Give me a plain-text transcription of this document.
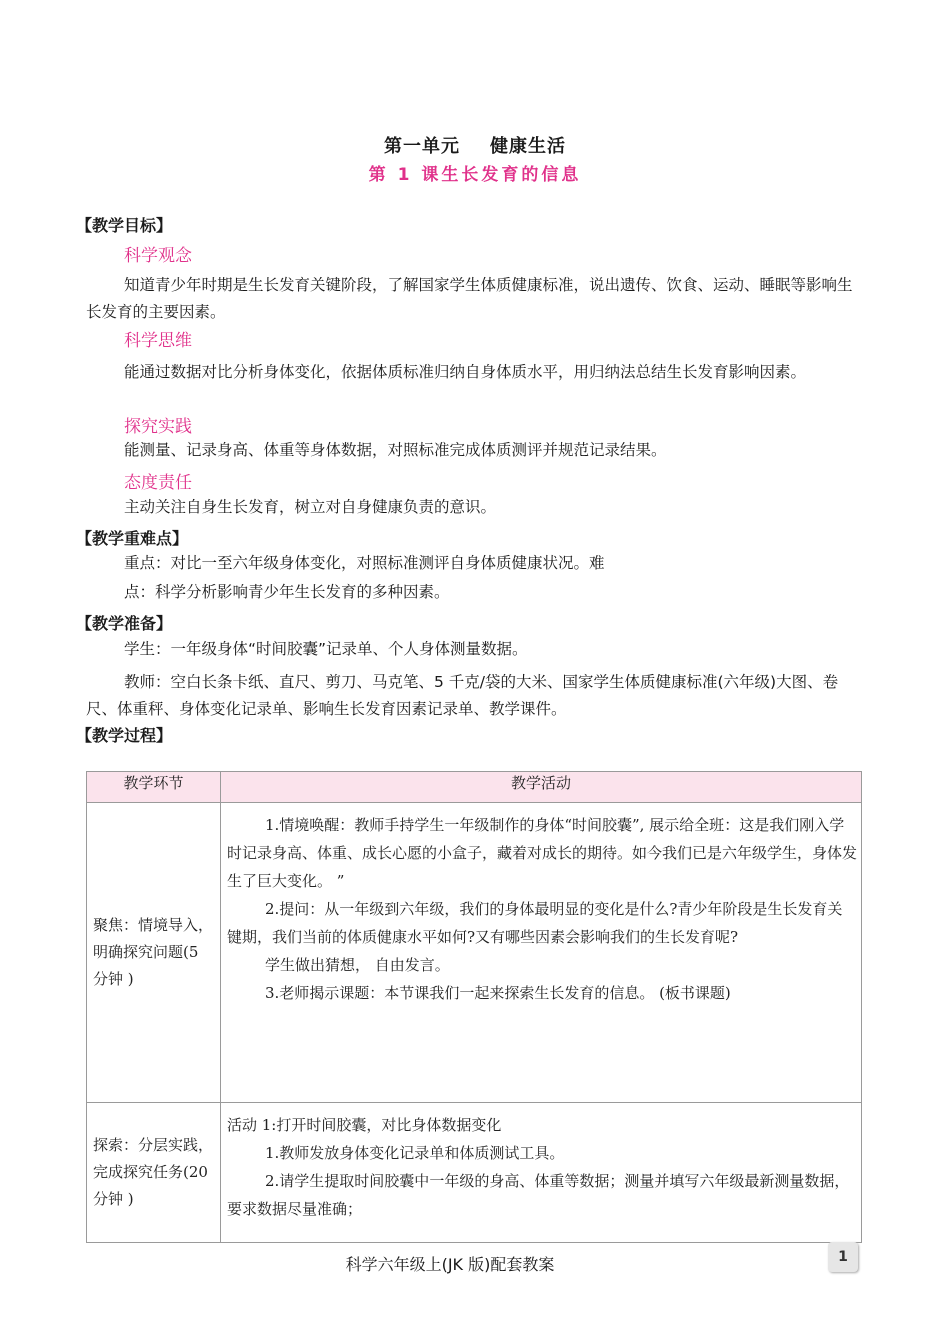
第一单元 健康生活
第 1 课生长发育的信息
【教学目标】
科学观念
知道青少年时期是生长发育关键阶段，了解国家学生体质健康标准，说出遗传、饮食、运动、睡眠等影响生长发育的主要因素。
科学思维
能通过数据对比分析身体变化，依据体质标准归纳自身体质水平，用归纳法总结生长发育影响因素。
探究实践
能测量、记录身高、体重等身体数据，对照标准完成体质测评并规范记录结果。
态度责任
主动关注自身生长发育，树立对自身健康负责的意识。
【教学重难点】
重点：对比一至六年级身体变化，对照标准测评自身体质健康状况。难
点：科学分析影响青少年生长发育的多种因素。
【教学准备】
学生：一年级身体“时间胶囊”记录单、个人身体测量数据。
教师：空白长条卡纸、直尺、剪刀、马克笔、5 千克/袋的大米、国家学生体质健康标准(六年级)大图、卷尺、体重秤、身体变化记录单、影响生长发育因素记录单、教学课件。
【教学过程】
教学环节	教学活动
聚焦：情境导入， 明确探究问题(5 分钟 )	1.情境唤醒：教师手持学生一年级制作的身体“时间胶囊”, 展示给全班：这是我们刚入学时记录身高、体重、成长心愿的小盒子，藏着对成长的期待。如今我们已是六年级学生，身体发生了巨大变化。 ”

2.提问：从一年级到六年级，我们的身体最明显的变化是什么?青少年阶段是生长发育关键期，我们当前的体质健康水平如何?又有哪些因素会影响我们的生长发育呢?

学生做出猜想， 自由发言。

3.老师揭示课题：本节课我们一起来探索生长发育的信息。 (板书课题)

探索：分层实践，完成探究任务(20 分钟 )	活动 1:打开时间胶囊，对比身体数据变化

1.教师发放身体变化记录单和体质测试工具。

2.请学生提取时间胶囊中一年级的身高、体重等数据；测量并填写六年级最新测量数据，要求数据尽量准确；

科学六年级上(JK 版)配套教案	1
